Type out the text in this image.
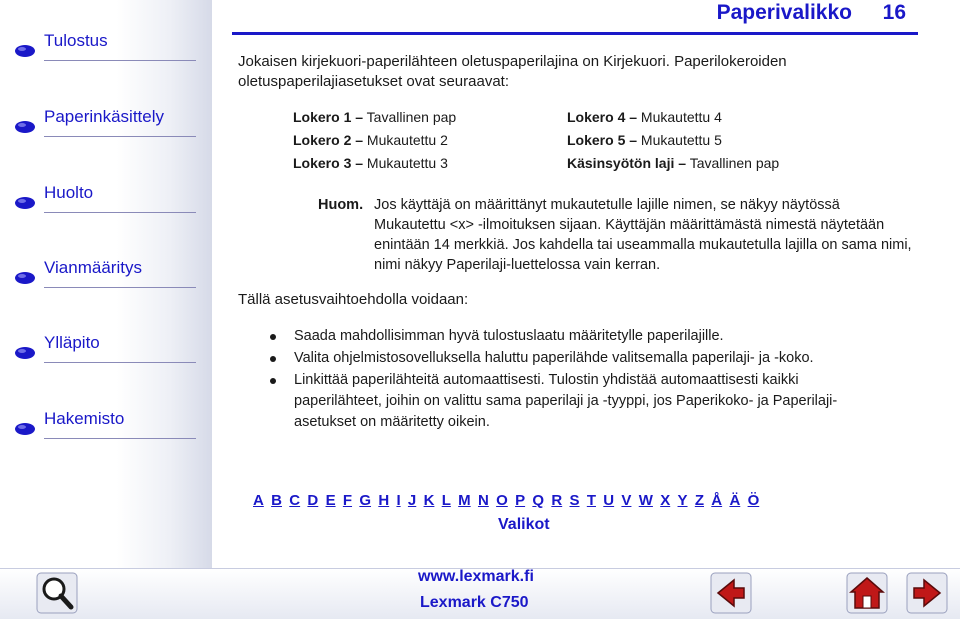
Tulostus
Paperinkäsittely
Huolto
Vianmääritys
Ylläpito
Hakemisto
Paperivalikko 16
Jokaisen kirjekuori-paperilähteen oletuspaperilajina on Kirjekuori. Paperilokeroiden oletuspaperilajiasetukset ovat seuraavat:
Lokero 1 – Tavallinen pap
Lokero 2 – Mukautettu 2
Lokero 3 – Mukautettu 3
Lokero 4 – Mukautettu 4
Lokero 5 – Mukautettu 5
Käsinsyötön laji – Tavallinen pap
Huom. Jos käyttäjä on määrittänyt mukautetulle lajille nimen, se näkyy näytössä Mukautettu <x> -ilmoituksen sijaan. Käyttäjän määrittämästä nimestä näytetään enintään 14 merkkiä. Jos kahdella tai useammalla mukautetulla lajilla on sama nimi, nimi näkyy Paperilaji-luettelossa vain kerran.
Tällä asetusvaihtoehdolla voidaan:
Saada mahdollisimman hyvä tulostuslaatu määritetylle paperilajille.
Valita ohjelmistosovelluksella haluttu paperilähde valitsemalla paperilaji- ja -koko.
Linkittää paperilähteitä automaattisesti. Tulostin yhdistää automaattisesti kaikki paperilähteet, joihin on valittu sama paperilaji ja -tyyppi, jos Paperikoko- ja Paperilaji-asetukset on määritetty oikein.
A B C D E F G H I J K L M N O P Q R S T U V W X Y Z Å Ä Ö
Valikot
www.lexmark.fi
Lexmark C750
